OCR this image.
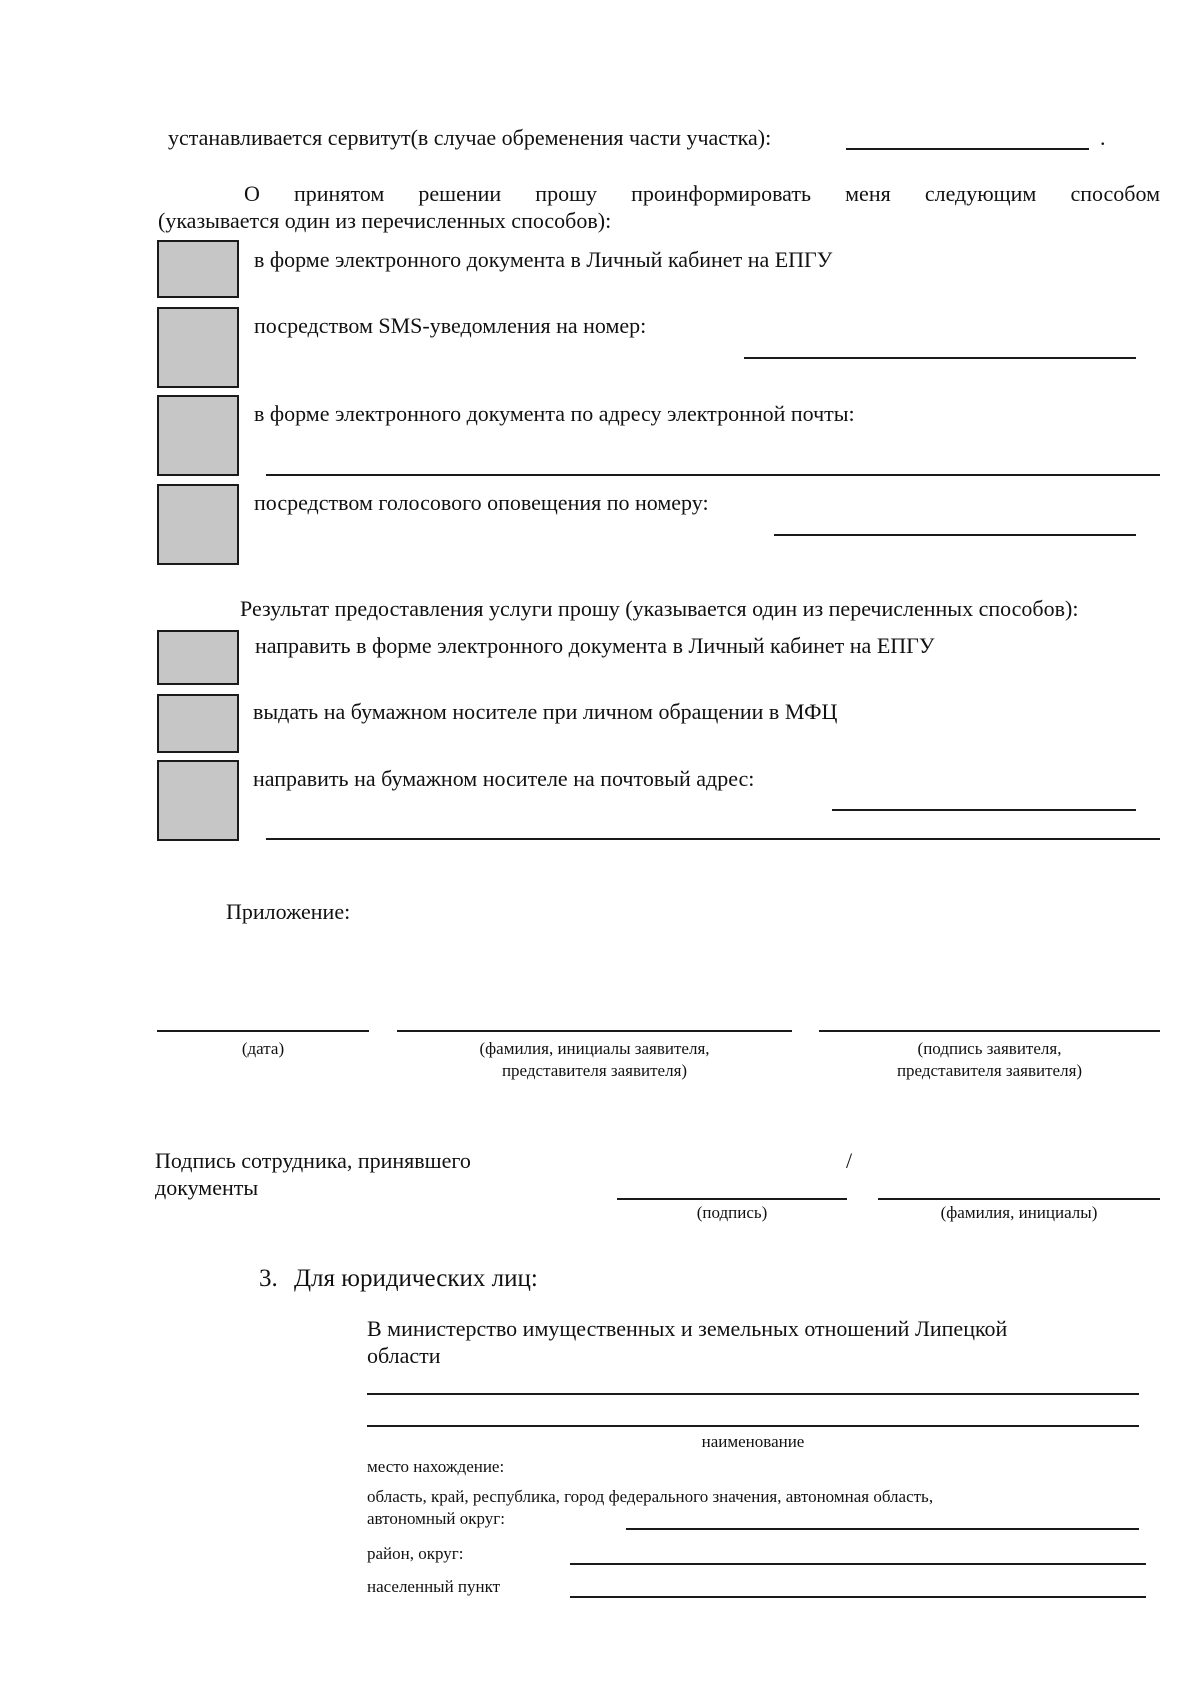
устанавливается сервитут(в случае обременения части участка):	.
О принятом решении прошу проинформировать меня следующим способом
(указывается один из перечисленных способов):
в форме электронного документа в Личный кабинет на ЕПГУ
посредством SMS-уведомления на номер:
в форме электронного документа по адресу электронной почты:
посредством голосового оповещения по номеру:
Результат предоставления услуги прошу (указывается один из перечисленных способов):
направить в форме электронного документа в Личный кабинет на ЕПГУ
выдать на бумажном носителе при личном обращении в МФЦ
направить на бумажном носителе на почтовый адрес:
Приложение:
(дата)	(фамилия, инициалы заявителя,
представителя заявителя)
(подпись заявителя,
представителя заявителя)
Подпись сотрудника, принявшего
документы
/
(подпись)	(фамилия, инициалы)
3. Для юридических лиц:
В министерство имущественных и земельных отношений Липецкой
области
наименование
место нахождение:
область, край, республика, город федерального значения, автономная область,
автономный округ:
район, округ:
населенный пункт
